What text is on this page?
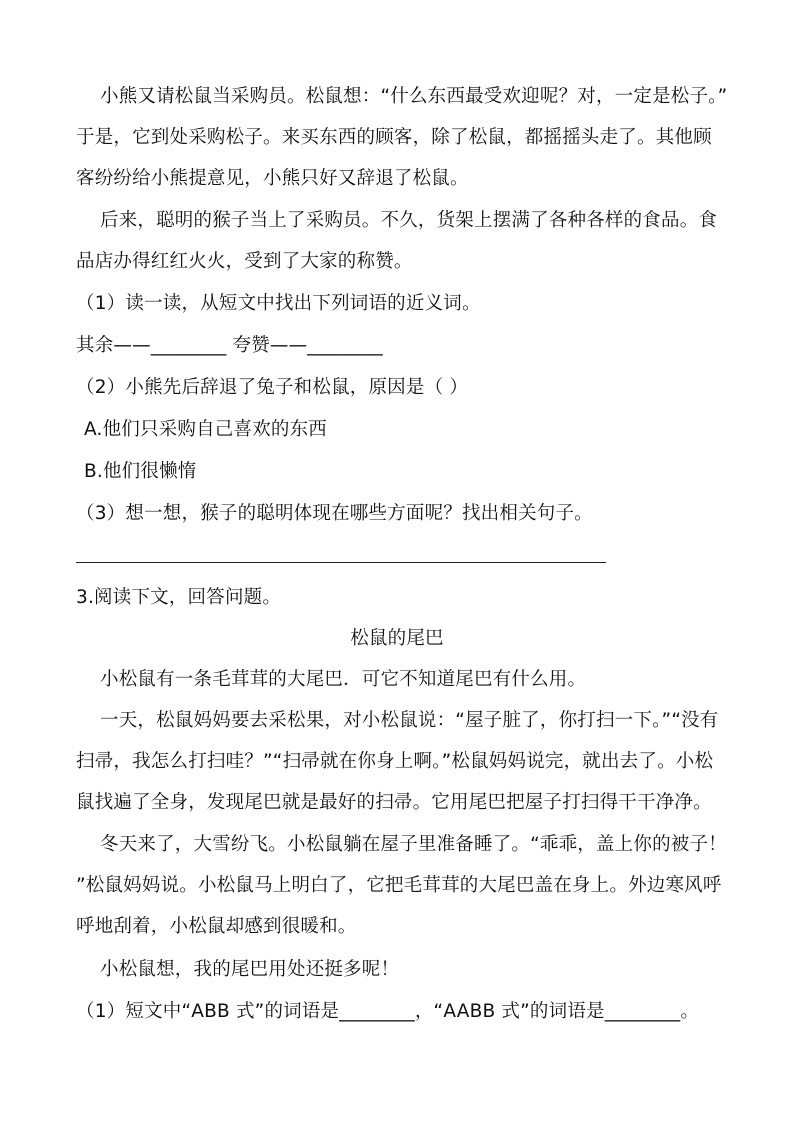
小熊又请松鼠当采购员。松鼠想：“什么东西最受欢迎呢？对，一定是松子。”
于是，它到处采购松子。来买东西的顾客，除了松鼠，都摇摇头走了。其他顾
客纷纷给小熊提意见，小熊只好又辞退了松鼠。
后来，聪明的猴子当上了采购员。不久，货架上摆满了各种各样的食品。食
品店办得红红火火，受到了大家的称赞。
（1）读一读，从短文中找出下列词语的近义词。
其余——________ 夸赞——________
（2）小熊先后辞退了兔子和松鼠，原因是（ ）
A.他们只采购自己喜欢的东西
B.他们很懒惰
（3）想一想，猴子的聪明体现在哪些方面呢？找出相关句子。
3.阅读下文，回答问题。
松鼠的尾巴
小松鼠有一条毛茸茸的大尾巴．可它不知道尾巴有什么用。
一天，松鼠妈妈要去采松果，对小松鼠说：“屋子脏了，你打扫一下。”“没有
扫帚，我怎么打扫哇？”“扫帚就在你身上啊。”松鼠妈妈说完，就出去了。小松
鼠找遍了全身，发现尾巴就是最好的扫帚。它用尾巴把屋子打扫得干干净净。
冬天来了，大雪纷飞。小松鼠躺在屋子里准备睡了。“乖乖，盖上你的被子！
”松鼠妈妈说。小松鼠马上明白了，它把毛茸茸的大尾巴盖在身上。外边寒风呼
呼地刮着，小松鼠却感到很暖和。
小松鼠想，我的尾巴用处还挺多呢！
（1）短文中“ABB 式”的词语是________，“AABB 式”的词语是________。
